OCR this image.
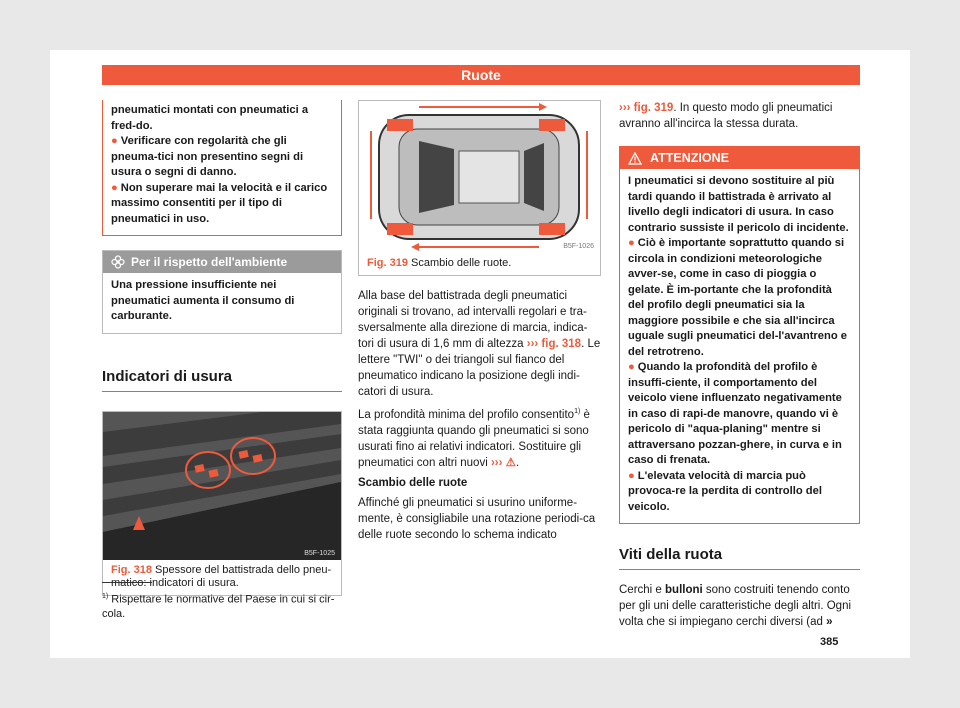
Ruote
pneumatici montati con pneumatici a fred-do.
● Verificare con regolarità che gli pneuma-tici non presentino segni di usura o segni di danno.
● Non superare mai la velocità e il carico massimo consentiti per il tipo di pneumatici in uso.
Per il rispetto dell'ambiente
Una pressione insufficiente nei pneumatici aumenta il consumo di carburante.
Indicatori di usura
B5F-1025
Fig. 318 Spessore del battistrada dello pneu-matico: indicatori di usura.
B5F-1026
Fig. 319 Scambio delle ruote.

Alla base del battistrada degli pneumatici originali si trovano, ad intervalli regolari e tra-sversalmente alla direzione di marcia, indica-tori di usura di 1,6 mm di altezza ››› fig. 318. Le lettere "TWI" o dei triangoli sul fianco del pneumatico indicano la posizione degli indi-catori di usura.

La profondità minima del profilo consentito$^{1)}$ è stata raggiunta quando gli pneumatici si sono usurati fino ai relativi indicatori. Sostituire gli pneumatici con altri nuovi ››› ⚠.

Scambio delle ruote

Affinché gli pneumatici si usurino uniforme-mente, è consigliabile una rotazione periodi-ca delle ruote secondo lo schema indicato

››› fig. 319. In questo modo gli pneumatici avranno all'incirca la stessa durata.

ATTENZIONE
I pneumatici si devono sostituire al più tardi quando il battistrada è arrivato al livello degli indicatori di usura. In caso contrario sussiste il pericolo di incidente.
● Ciò è importante soprattutto quando si circola in condizioni meteorologiche avver-se, come in caso di pioggia o gelate. È im-portante che la profondità del profilo degli pneumatici sia la maggiore possibile e che sia all'incirca uguale sugli pneumatici del-l'avantreno e del retrotreno.
● Quando la profondità del profilo è insuffi-ciente, il comportamento del veicolo viene influenzato negativamente in caso di rapi-de manovre, quando vi è pericolo di "aqua-planing" mentre si attraversano pozzan-ghere, in curva e in caso di frenata.
● L'elevata velocità di marcia può provoca-re la perdita di controllo del veicolo.
Viti della ruota

Cerchi e bulloni sono costruiti tenendo conto per gli uni delle caratteristiche degli altri. Ogni volta che si impiegano cerchi diversi (ad »

$^{1)}$ Rispettare le normative del Paese in cui si cir-cola.
385
